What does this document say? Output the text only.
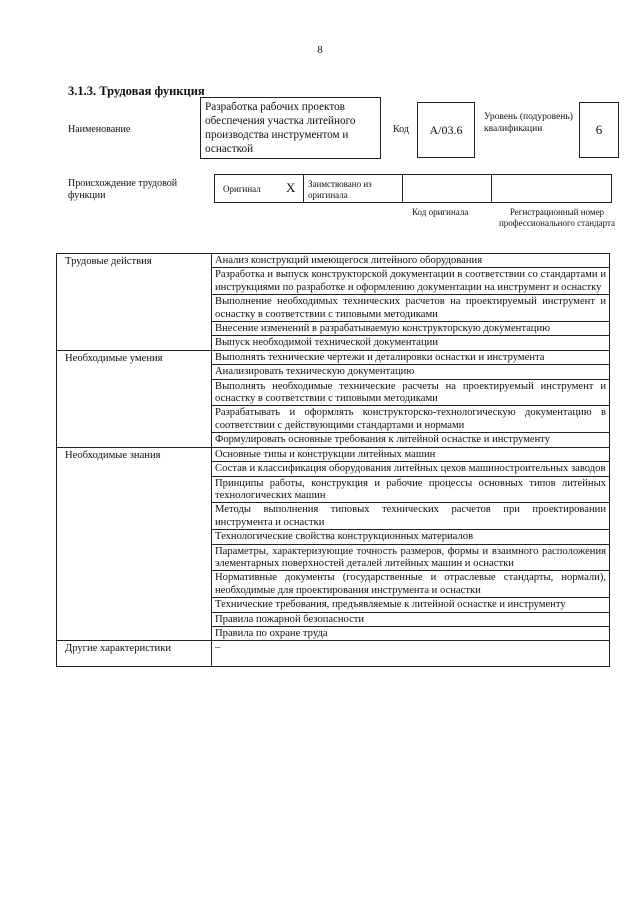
8
3.1.3. Трудовая функция
Наименование
Разработка рабочих проектов обеспечения участка литейного производства инструментом и оснасткой
Код	A/03.6
Уровень (подуровень) квалификации	6
Происхождение трудовой функции
Оригинал X Заимствовано из оригинала
Код оригинала	Регистрационный номер профессионального стандарта
Трудовые действия	Анализ конструкций имеющегося литейного оборудования
	Разработка и выпуск конструкторской документации в соответствии со стандартами и инструкциями по разработке и оформлению документации на инструмент и оснастку
	Выполнение необходимых технических расчетов на проектируемый инструмент и оснастку в соответствии с типовыми методиками
	Внесение изменений в разрабатываемую конструкторскую документацию
	Выпуск необходимой технической документации
Необходимые умения	Выполнять технические чертежи и деталировки оснастки и инструмента
	Анализировать техническую документацию
	Выполнять необходимые технические расчеты на проектируемый инструмент и оснастку в соответствии с типовыми методиками
	Разрабатывать и оформлять конструкторско-технологическую документацию в соответствии с действующими стандартами и нормами
	Формулировать основные требования к литейной оснастке и инструменту
Необходимые знания	Основные типы и конструкции литейных машин
	Состав и классификация оборудования литейных цехов машиностроительных заводов
	Принципы работы, конструкция и рабочие процессы основных типов литейных технологических машин
	Методы выполнения типовых технических расчетов при проектировании инструмента и оснастки
	Технологические свойства конструкционных материалов
	Параметры, характеризующие точность размеров, формы и взаимного расположения элементарных поверхностей деталей литейных машин и оснастки
	Нормативные документы (государственные и отраслевые стандарты, нормали), необходимые для проектирования инструмента и оснастки
	Технические требования, предъявляемые к литейной оснастке и инструменту
	Правила пожарной безопасности
	Правила по охране труда
Другие характеристики	–
